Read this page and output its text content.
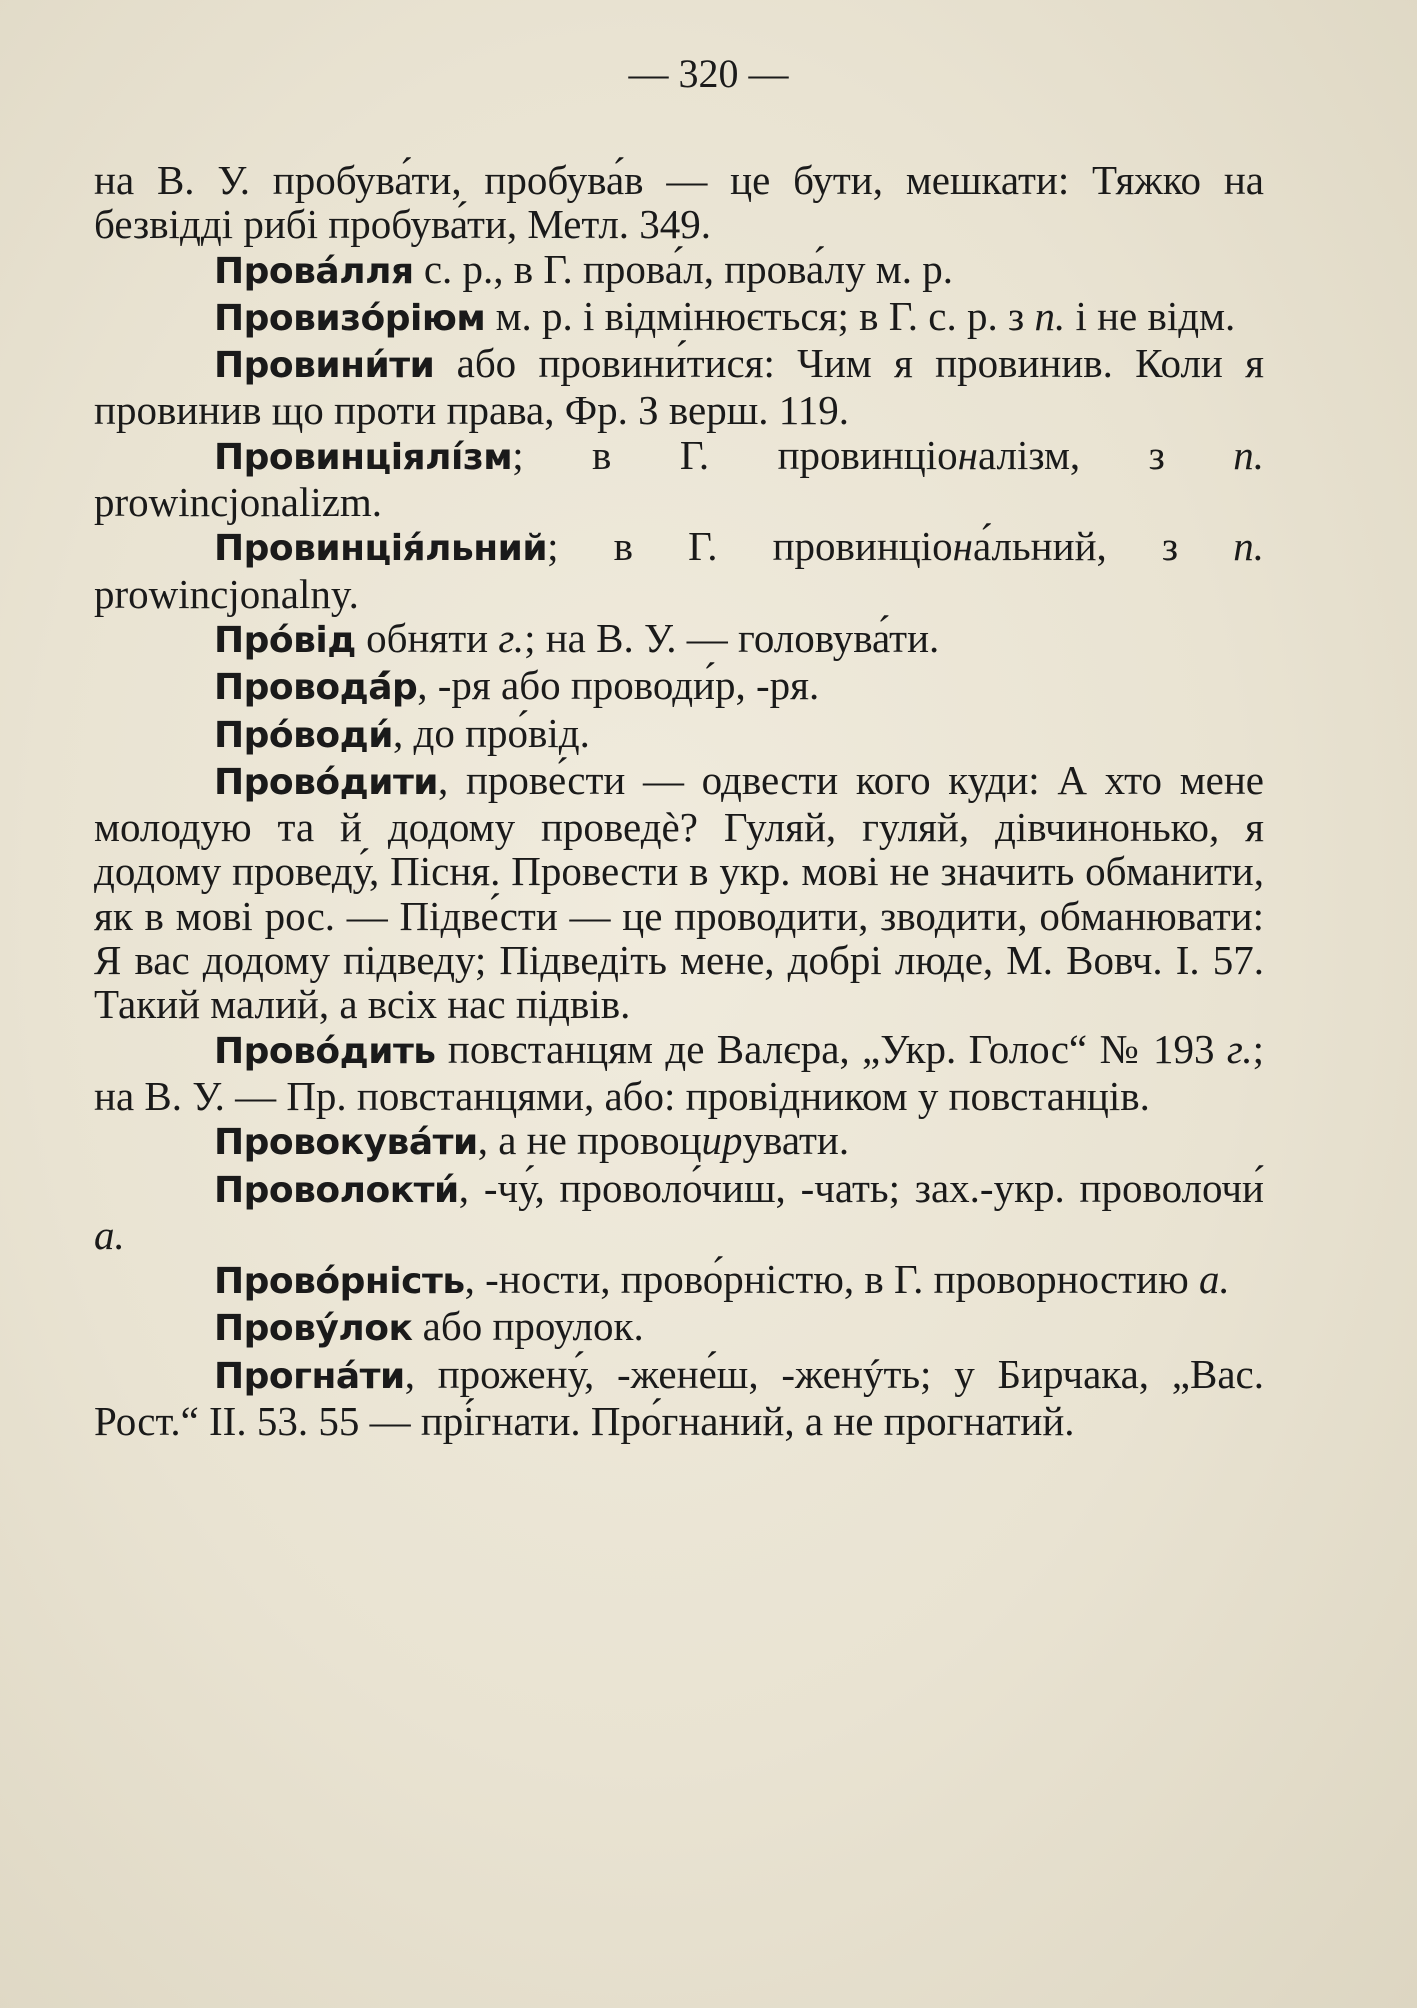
— 320 —

на В. У. пробува́ти, пробува́в — це бути, мешкати: Тяжко на безвідді рибі пробува́ти, Метл. 349.

Прова́лля с. р., в Г. прова́л, прова́лу м. р.

Провизо́ріюм м. р. і відмінюється; в Г. с. р. з п. і не відм.

Провини́ти або провини́тися: Чим я провинив. Коли я провинив що проти права, Фр. З верш. 119.

Провинціялі́зм; в Г. провинціоналізм, з п. prowincjonalizm.

Провинція́льний; в Г. провинціона́льний, з п. prowincjonalny.

Про́від обняти г.; на В. У. — головува́ти.

Проводá́р, -ря або проводи́р, -ря.

Про́води́, до про́від.

Прово́дити, прове́сти — одвести кого куди: А хто мене молодую та й додому проведѐ? Гуляй, гуляй, дівчинонько, я додому проведу́, Пісня. Провести в укр. мові не значить обманити, як в мові рос. — Підве́сти — це проводити, зводити, обманювати: Я вас додому підведу; Підведіть мене, добрі люде, М. Вовч. І. 57. Такий малий, а всіх нас підвів.

Прово́дить повстанцям де Валєра, „Укр. Голос“ № 193 г.; на В. У. — Пр. повстанцями, або: провідником у повстанців.

Провокува́ти, а не провоцирувати.

Проволокти́, -чу́, проволо́чиш, -чать; зах.-укр. проволочи́ а.

Прово́рніcть, -ности, прово́рністю, в Г. проворностию а.

Прову́лок або проулок.

Прогна́ти, прожену́, -жене́ш, -женýть; у Бирчака, „Вас. Рост.“ II. 53. 55 — прі́гнати. Про́гнаний, а не прогнатий.
